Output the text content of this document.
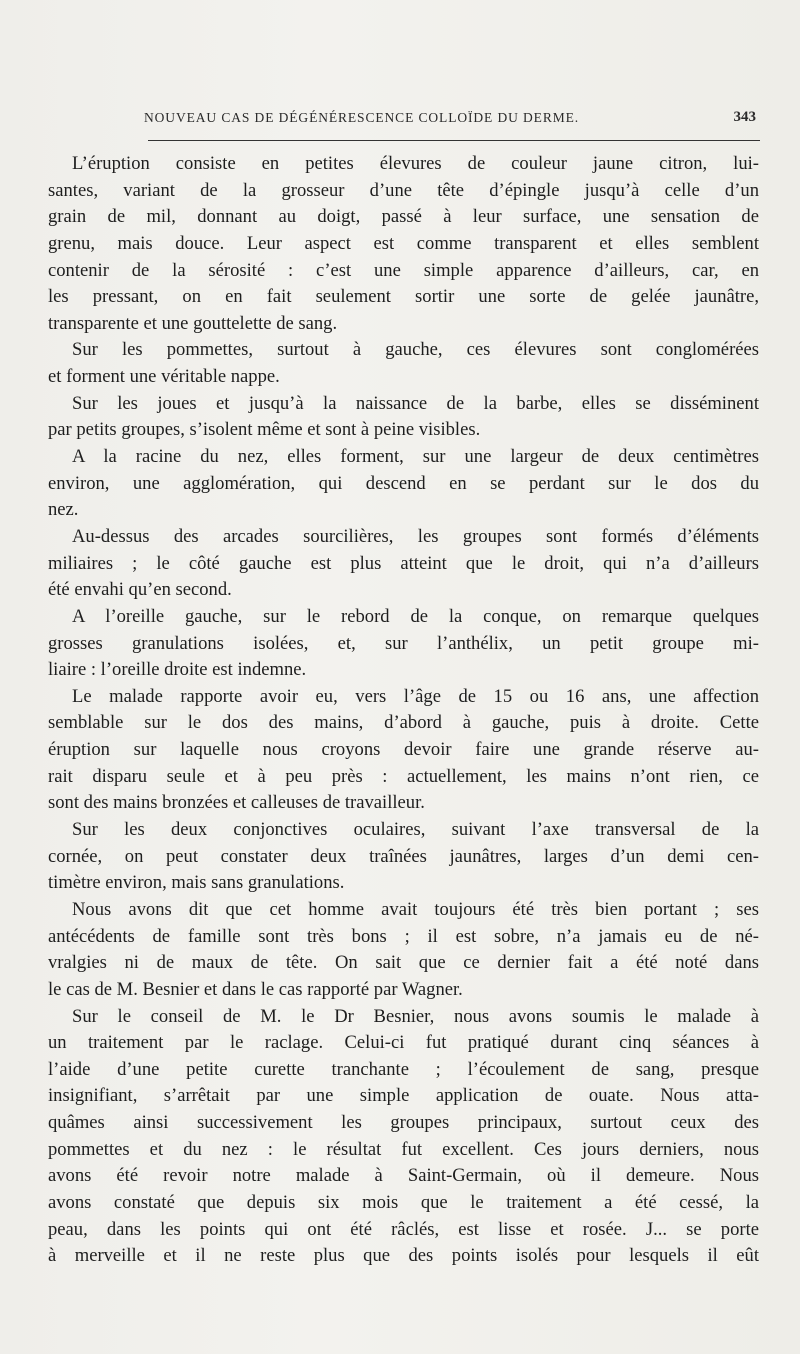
NOUVEAU CAS DE DÉGÉNÉRESCENCE COLLOÏDE DU DERME.	343
L’éruption consiste en petites élevures de couleur jaune citron, lui-
santes, variant de la grosseur d’une tête d’épingle jusqu’à celle d’un
grain de mil, donnant au doigt, passé à leur surface, une sensation de
grenu, mais douce. Leur aspect est comme transparent et elles semblent
contenir de la sérosité : c’est une simple apparence d’ailleurs, car, en
les pressant, on en fait seulement sortir une sorte de gelée jaunâtre,
transparente et une gouttelette de sang.
Sur les pommettes, surtout à gauche, ces élevures sont conglomérées
et forment une véritable nappe.
Sur les joues et jusqu’à la naissance de la barbe, elles se disséminent
par petits groupes, s’isolent même et sont à peine visibles.
A la racine du nez, elles forment, sur une largeur de deux centimètres
environ, une agglomération, qui descend en se perdant sur le dos du
nez.
Au-dessus des arcades sourcilières, les groupes sont formés d’éléments
miliaires ; le côté gauche est plus atteint que le droit, qui n’a d’ailleurs
été envahi qu’en second.
A l’oreille gauche, sur le rebord de la conque, on remarque quelques
grosses granulations isolées, et, sur l’anthélix, un petit groupe mi-
liaire : l’oreille droite est indemne.
Le malade rapporte avoir eu, vers l’âge de 15 ou 16 ans, une affection
semblable sur le dos des mains, d’abord à gauche, puis à droite. Cette
éruption sur laquelle nous croyons devoir faire une grande réserve au-
rait disparu seule et à peu près : actuellement, les mains n’ont rien, ce
sont des mains bronzées et calleuses de travailleur.
Sur les deux conjonctives oculaires, suivant l’axe transversal de la
cornée, on peut constater deux traînées jaunâtres, larges d’un demi cen-
timètre environ, mais sans granulations.
Nous avons dit que cet homme avait toujours été très bien portant ; ses
antécédents de famille sont très bons ; il est sobre, n’a jamais eu de né-
vralgies ni de maux de tête. On sait que ce dernier fait a été noté dans
le cas de M. Besnier et dans le cas rapporté par Wagner.
Sur le conseil de M. le Dr Besnier, nous avons soumis le malade à
un traitement par le raclage. Celui-ci fut pratiqué durant cinq séances à
l’aide d’une petite curette tranchante ; l’écoulement de sang, presque
insignifiant, s’arrêtait par une simple application de ouate. Nous atta-
quâmes ainsi successivement les groupes principaux, surtout ceux des
pommettes et du nez : le résultat fut excellent. Ces jours derniers, nous
avons été revoir notre malade à Saint-Germain, où il demeure. Nous
avons constaté que depuis six mois que le traitement a été cessé, la
peau, dans les points qui ont été râclés, est lisse et rosée. J... se porte
à merveille et il ne reste plus que des points isolés pour lesquels il eût
